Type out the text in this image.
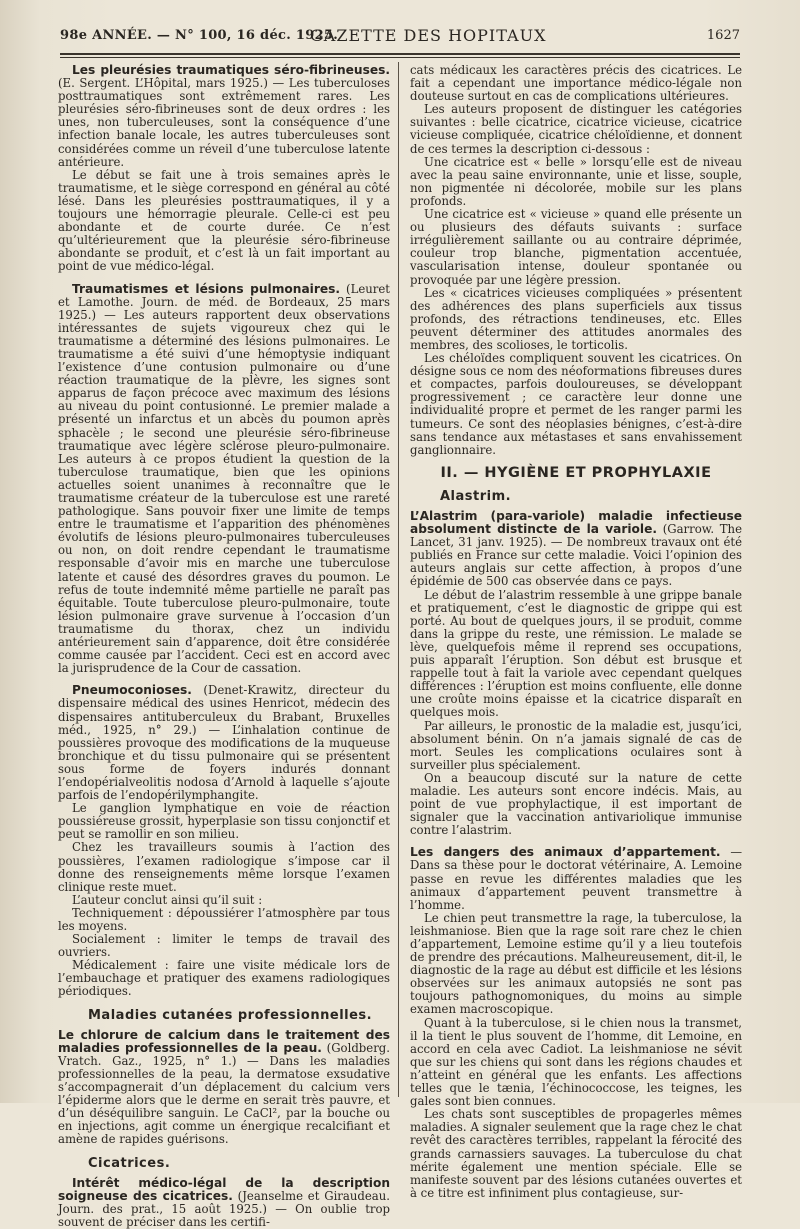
98e ANNÉE. — N° 100, 16 déc. 1925.
GAZETTE DES HOPITAUX	1627

Les pleurésies traumatiques séro-fibrineuses. (E. Sergent. L’Hôpital, mars 1925.) — Les tuberculoses posttraumatiques sont extrêmement rares. Les pleurésies séro-fibrineuses sont de deux ordres : les unes, non tuberculeuses, sont la conséquence d’une infection banale locale, les autres tuberculeuses sont considérées comme un réveil d’une tuberculose latente antérieure.

Le début se fait une à trois semaines après le traumatisme, et le siège correspond en général au côté lésé. Dans les pleurésies posttraumatiques, il y a toujours une hémorragie pleurale. Celle-ci est peu abondante et de courte durée. Ce n’est qu’ultérieurement que la pleurésie séro-fibrineuse abondante se produit, et c’est là un fait important au point de vue médico-légal.

Traumatismes et lésions pulmonaires. (Leuret et Lamothe. Journ. de méd. de Bordeaux, 25 mars 1925.) — Les auteurs rapportent deux observations intéressantes de sujets vigoureux chez qui le traumatisme a déterminé des lésions pulmonaires. Le traumatisme a été suivi d’une hémoptysie indiquant l’existence d’une contusion pulmonaire ou d’une réaction traumatique de la plèvre, les signes sont apparus de façon précoce avec maximum des lésions au niveau du point contusionné. Le premier malade a présenté un infarctus et un abcès du poumon après sphacèle ; le second une pleurésie séro-fibrineuse traumatique avec légère sclérose pleuro-pulmonaire. Les auteurs à ce propos étudient la question de la tuberculose traumatique, bien que les opinions actuelles soient unanimes à reconnaître que le traumatisme créateur de la tuberculose est une rareté pathologique. Sans pouvoir fixer une limite de temps entre le traumatisme et l’apparition des phénomènes évolutifs de lésions pleuro-pulmonaires tuberculeuses ou non, on doit rendre cependant le traumatisme responsable d’avoir mis en marche une tuberculose latente et causé des désordres graves du poumon. Le refus de toute indemnité même partielle ne paraît pas équitable. Toute tuberculose pleuro-pulmonaire, toute lésion pulmonaire grave survenue à l’occasion d’un traumatisme du thorax, chez un individu antérieurement sain d’apparence, doit être considérée comme causée par l’accident. Ceci est en accord avec la jurisprudence de la Cour de cassation.

Pneumoconioses. (Denet-Krawitz, directeur du dispensaire médical des usines Henricot, médecin des dispensaires antituberculeux du Brabant, Bruxelles méd., 1925, n° 29.) — L’inhalation continue de poussières provoque des modifications de la muqueuse bronchique et du tissu pulmonaire qui se présentent sous forme de foyers indurés donnant l’endopérialveolitis nodosa d’Arnold à laquelle s’ajoute parfois de l’endopérilymphangite.

Le ganglion lymphatique en voie de réaction poussiéreuse grossit, hyperplasie son tissu conjonctif et peut se ramollir en son milieu.

Chez les travailleurs soumis à l’action des poussières, l’examen radiologique s’impose car il donne des renseignements même lorsque l’examen clinique reste muet.

L’auteur conclut ainsi qu’il suit :

Techniquement : dépoussiérer l’atmosphère par tous les moyens.

Socialement : limiter le temps de travail des ouvriers.

Médicalement : faire une visite médicale lors de l’embauchage et pratiquer des examens radiologiques périodiques.

Maladies cutanées professionnelles.

Le chlorure de calcium dans le traitement des maladies professionnelles de la peau. (Goldberg. Vratch. Gaz., 1925, n° 1.) — Dans les maladies professionnelles de la peau, la dermatose exsudative s’accompagnerait d’un déplacement du calcium vers l’épiderme alors que le derme en serait très pauvre, et d’un déséquilibre sanguin. Le CaCl², par la bouche ou en injections, agit comme un énergique recalcifiant et amène de rapides guérisons.

Cicatrices.

Intérêt médico-légal de la description soigneuse des cicatrices. (Jeanselme et Giraudeau. Journ. des prat., 15 août 1925.) — On oublie trop souvent de préciser dans les certifi-

cats médicaux les caractères précis des cicatrices. Le fait a cependant une importance médico-légale non douteuse surtout en cas de complications ultérieures.

Les auteurs proposent de distinguer les catégories suivantes : belle cicatrice, cicatrice vicieuse, cicatrice vicieuse compliquée, cicatrice chéloïdienne, et donnent de ces termes la description ci-dessous :

Une cicatrice est « belle » lorsqu’elle est de niveau avec la peau saine environnante, unie et lisse, souple, non pigmentée ni décolorée, mobile sur les plans profonds.

Une cicatrice est « vicieuse » quand elle présente un ou plusieurs des défauts suivants : surface irrégulièrement saillante ou au contraire déprimée, couleur trop blanche, pigmentation accentuée, vascularisation intense, douleur spontanée ou provoquée par une légère pression.

Les « cicatrices vicieuses compliquées » présentent des adhérences des plans superficiels aux tissus profonds, des rétractions tendineuses, etc. Elles peuvent déterminer des attitudes anormales des membres, des scolioses, le torticolis.

Les chéloïdes compliquent souvent les cicatrices. On désigne sous ce nom des néoformations fibreuses dures et compactes, parfois douloureuses, se développant progressivement ; ce caractère leur donne une individualité propre et permet de les ranger parmi les tumeurs. Ce sont des néoplasies bénignes, c’est-à-dire sans tendance aux métastases et sans envahissement ganglionnaire.

II. — HYGIÈNE ET PROPHYLAXIE
Alastrim.

L’Alastrim (para-variole) maladie infectieuse absolument distincte de la variole. (Garrow. The Lancet, 31 janv. 1925). — De nombreux travaux ont été publiés en France sur cette maladie. Voici l’opinion des auteurs anglais sur cette affection, à propos d’une épidémie de 500 cas observée dans ce pays.

Le début de l’alastrim ressemble à une grippe banale et pratiquement, c’est le diagnostic de grippe qui est porté. Au bout de quelques jours, il se produit, comme dans la grippe du reste, une rémission. Le malade se lève, quelquefois même il reprend ses occupations, puis apparaît l’éruption. Son début est brusque et rappelle tout à fait la variole avec cependant quelques différences : l’éruption est moins confluente, elle donne une croûte moins épaisse et la cicatrice disparaît en quelques mois.

Par ailleurs, le pronostic de la maladie est, jusqu’ici, absolument bénin. On n’a jamais signalé de cas de mort. Seules les complications oculaires sont à surveiller plus spécialement.

On a beaucoup discuté sur la nature de cette maladie. Les auteurs sont encore indécis. Mais, au point de vue prophylactique, il est important de signaler que la vaccination antivariolique immunise contre l’alastrim.

Les dangers des animaux d’appartement. — Dans sa thèse pour le doctorat vétérinaire, A. Lemoine passe en revue les différentes maladies que les animaux d’appartement peuvent transmettre à l’homme.

Le chien peut transmettre la rage, la tuberculose, la leishmaniose. Bien que la rage soit rare chez le chien d’appartement, Lemoine estime qu’il y a lieu toutefois de prendre des précautions. Malheureusement, dit-il, le diagnostic de la rage au début est difficile et les lésions observées sur les animaux autopsiés ne sont pas toujours pathognomoniques, du moins au simple examen macroscopique.

Quant à la tuberculose, si le chien nous la transmet, il la tient le plus souvent de l’homme, dit Lemoine, en accord en cela avec Cadiot. La leishmaniose ne sévit que sur les chiens qui sont dans les régions chaudes et n’atteint en général que les enfants. Les affections telles que le tænia, l’échinococcose, les teignes, les gales sont bien connues.

Les chats sont susceptibles de propagerles mêmes maladies. A signaler seulement que la rage chez le chat revêt des caractères terribles, rappelant la férocité des grands carnassiers sauvages. La tuberculose du chat mérite également une mention spéciale. Elle se manifeste souvent par des lésions cutanées ouvertes et à ce titre est infiniment plus contagieuse, sur-
